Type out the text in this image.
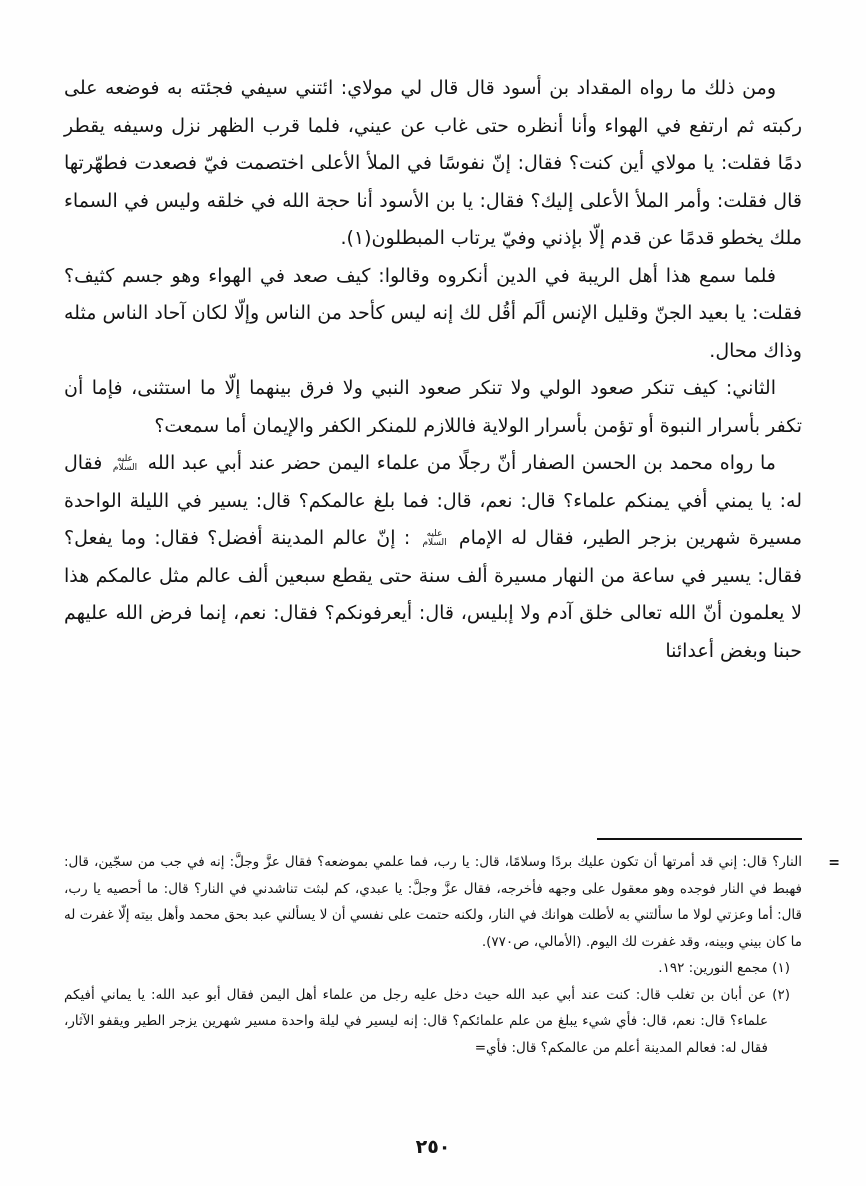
ومن ذلك ما رواه المقداد بن أسود قال قال لي مولاي: ائتني سيفي فجئته به فوضعه على ركبته ثم ارتفع في الهواء وأنا أنظره حتى غاب عن عيني، فلما قرب الظهر نزل وسيفه يقطر دمًا فقلت: يا مولاي أين كنت؟ فقال: إنّ نفوسًا في الملأ الأعلى اختصمت فيّ فصعدت فطهّرتها قال فقلت: وأمر الملأ الأعلى إليك؟ فقال: يا بن الأسود أنا حجة الله في خلقه وليس في السماء ملك يخطو قدمًا عن قدم إلّا بإذني وفيّ يرتاب المبطلون(١).

فلما سمع هذا أهل الريبة في الدين أنكروه وقالوا: كيف صعد في الهواء وهو جسم كثيف؟ فقلت: يا بعيد الجنّ وقليل الإنس ألَم أقُل لك إنه ليس كأحد من الناس وإلّا لكان آحاد الناس مثله وذاك محال.

الثاني: كيف تنكر صعود الولي ولا تنكر صعود النبي ولا فرق بينهما إلّا ما استثنى، فإما أن تكفر بأسرار النبوة أو تؤمن بأسرار الولاية فاللازم للمنكر الكفر والإيمان أما سمعت؟

ما رواه محمد بن الحسن الصفار أنّ رجلًا من علماء اليمن حضر عند أبي عبد الله عليه السلام فقال له: يا يمني أفي يمنكم علماء؟ قال: نعم، قال: فما بلغ عالمكم؟ قال: يسير في الليلة الواحدة مسيرة شهرين بزجر الطير، فقال له الإمام عليه السلام : إنّ عالم المدينة أفضل؟ فقال: وما يفعل؟ فقال: يسير في ساعة من النهار مسيرة ألف سنة حتى يقطع سبعين ألف عالم مثل عالمكم هذا لا يعلمون أنّ الله تعالى خلق آدم ولا إبليس، قال: أيعرفونكم؟ فقال: نعم، إنما فرض الله عليهم حبنا وبغض أعدائنا

=

النار؟ قال: إني قد أمرتها أن تكون عليك بردًا وسلامًا، قال: يا رب، فما علمي بموضعه؟ فقال عزَّ وجلَّ: إنه في جب من سجّين، قال: فهبط في النار فوجده وهو معقول على وجهه فأخرجه، فقال عزَّ وجلَّ: يا عبدي، كم لبثت تناشدني في النار؟ قال: ما أحصيه يا رب، قال: أما وعزتي لولا ما سألتني به لأطلت هوانك في النار، ولكنه حتمت على نفسي أن لا يسألني عبد بحق محمد وأهل بيته إلّا غفرت له ما كان بيني وبينه، وقد غفرت لك اليوم. (الأمالي، ص٧٧٠).

(١) مجمع النورين: ١٩٢.

(٢) عن أبان بن تغلب قال: كنت عند أبي عبد الله حيث دخل عليه رجل من علماء أهل اليمن فقال أبو عبد الله: يا يماني أفيكم علماء؟ قال: نعم، قال: فأي شيء يبلغ من علم علمائكم؟ قال: إنه ليسير في ليلة واحدة مسير شهرين يزجر الطير ويقفو الآثار، فقال له: فعالم المدينة أعلم من عالمكم؟ قال: فأي=

٢٥٠
